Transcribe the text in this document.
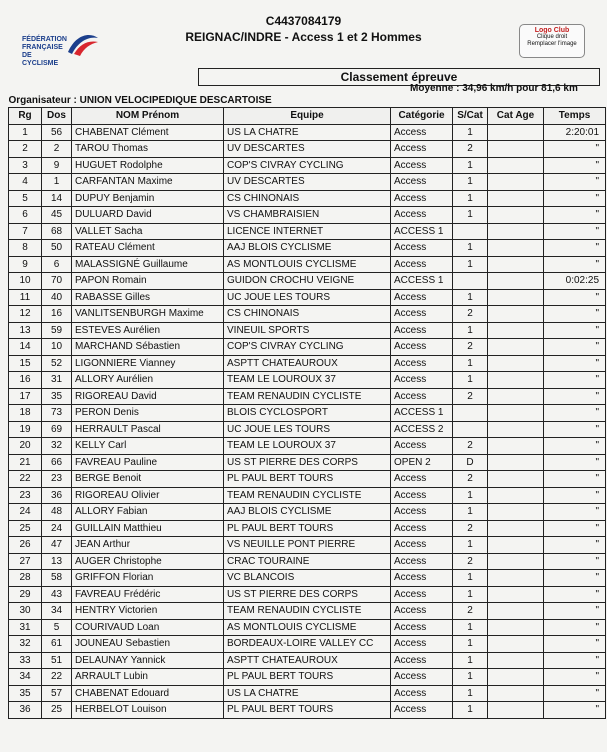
FÉDÉRATION FRANÇAISE DE CYCLISME
C4437084179
REIGNAC/INDRE - Access 1 et 2 Hommes	Logo Club
Clique droit
Remplacer l'image
Classement épreuve
Moyenne : 34,96 km/h pour 81,6 km
Organisateur : UNION VELOCIPEDIQUE DESCARTOISE							
Rg	Dos	NOM Prénom	Equipe	Catégorie	S/Cat	Cat Age	Temps
1	56	CHABENAT Clément	US LA CHATRE	Access	1		2:20:01
2	2	TAROU Thomas	UV DESCARTES	Access	2		"
3	9	HUGUET Rodolphe	COP'S CIVRAY CYCLING	Access	1		"
4	1	CARFANTAN Maxime	UV DESCARTES	Access	1		"
5	14	DUPUY Benjamin	CS CHINONAIS	Access	1		"
6	45	DULUARD David	VS CHAMBRAISIEN	Access	1		"
7	68	VALLET Sacha	LICENCE INTERNET	ACCESS 1			"
8	50	RATEAU Clément	AAJ BLOIS CYCLISME	Access	1		"
9	6	MALASSIGNÉ Guillaume	AS MONTLOUIS CYCLISME	Access	1		"
10	70	PAPON Romain	GUIDON CROCHU VEIGNE	ACCESS 1			0:02:25
11	40	RABASSE Gilles	UC JOUE LES TOURS	Access	1		"
12	16	VANLITSENBURGH Maxime	CS CHINONAIS	Access	2		"
13	59	ESTEVES Aurélien	VINEUIL SPORTS	Access	1		"
14	10	MARCHAND Sébastien	COP'S CIVRAY CYCLING	Access	2		"
15	52	LIGONNIERE Vianney	ASPTT CHATEAUROUX	Access	1		"
16	31	ALLORY Aurélien	TEAM LE LOUROUX 37	Access	1		"
17	35	RIGOREAU David	TEAM RENAUDIN CYCLISTE	Access	2		"
18	73	PERON Denis	BLOIS CYCLOSPORT	ACCESS 1			"
19	69	HERRAULT Pascal	UC JOUE LES TOURS	ACCESS 2			"
20	32	KELLY Carl	TEAM LE LOUROUX 37	Access	2		"
21	66	FAVREAU Pauline	US ST PIERRE DES CORPS	OPEN 2	D		"
22	23	BERGE Benoit	PL PAUL BERT TOURS	Access	2		"
23	36	RIGOREAU Olivier	TEAM RENAUDIN CYCLISTE	Access	1		"
24	48	ALLORY Fabian	AAJ BLOIS CYCLISME	Access	1		"
25	24	GUILLAIN Matthieu	PL PAUL BERT TOURS	Access	2		"
26	47	JEAN Arthur	VS NEUILLE PONT PIERRE	Access	1		"
27	13	AUGER Christophe	CRAC TOURAINE	Access	2		"
28	58	GRIFFON Florian	VC BLANCOIS	Access	1		"
29	43	FAVREAU Frédéric	US ST PIERRE DES CORPS	Access	1		"
30	34	HENTRY Victorien	TEAM RENAUDIN CYCLISTE	Access	2		"
31	5	COURIVAUD Loan	AS MONTLOUIS CYCLISME	Access	1		"
32	61	JOUNEAU Sebastien	BORDEAUX-LOIRE VALLEY CC	Access	1		"
33	51	DELAUNAY Yannick	ASPTT CHATEAUROUX	Access	1		"
34	22	ARRAULT Lubin	PL PAUL BERT TOURS	Access	1		"
35	57	CHABENAT Edouard	US LA CHATRE	Access	1		"
36	25	HERBELOT Louison	PL PAUL BERT TOURS	Access	1		"
